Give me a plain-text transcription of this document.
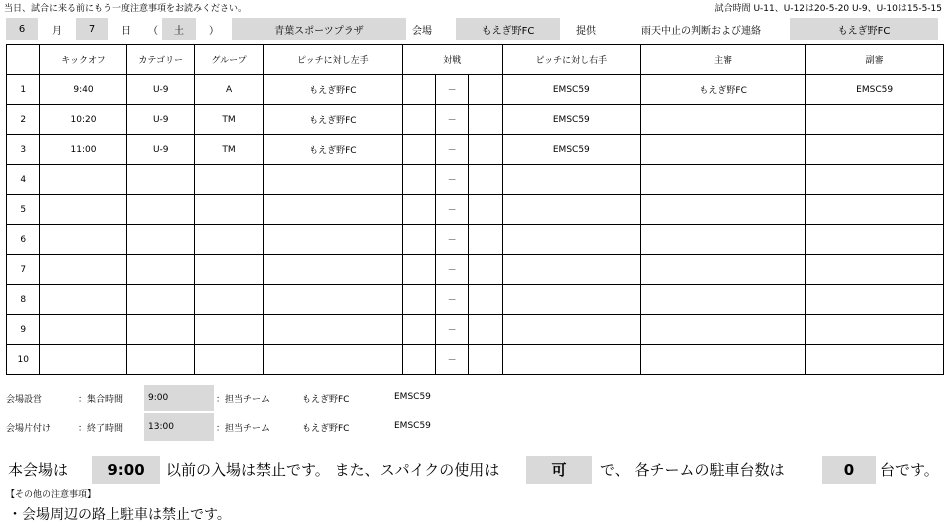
当日、試合に来る前にもう一度注意事項をお読みください。	試合時間 U-11、U-12は20-5-20 U-9、U-10は15-5-15
6	月	7	日	（	土	）	青葉スポーツプラザ	会場	もえぎ野FC	提供	雨天中止の判断および連絡	もえぎ野FC
	キックオフ	カテゴリー	グループ	ピッチに対し左手	対戦			ピッチに対し右手	主審	副審
1	9:40	U-9	A	もえぎ野FC		－		EMSC59	もえぎ野FC	EMSC59
2	10:20	U-9	TM	もえぎ野FC		－		EMSC59		
3	11:00	U-9	TM	もえぎ野FC		－		EMSC59		
4						－				
5						－				
6						－				
7						－				
8						－				
9						－				
10						－				
会場設営	：集合時間	9:00	：担当チーム	もえぎ野FC	EMSC59
会場片付け	：終了時間	13:00	：担当チーム	もえぎ野FC	EMSC59
本会場は	9:00	以前の入場は禁止です。 また、スパイクの使用は	可	で、 各チームの駐車台数は	0	台です。
【その他の注意事項】
・会場周辺の路上駐車は禁止です。
